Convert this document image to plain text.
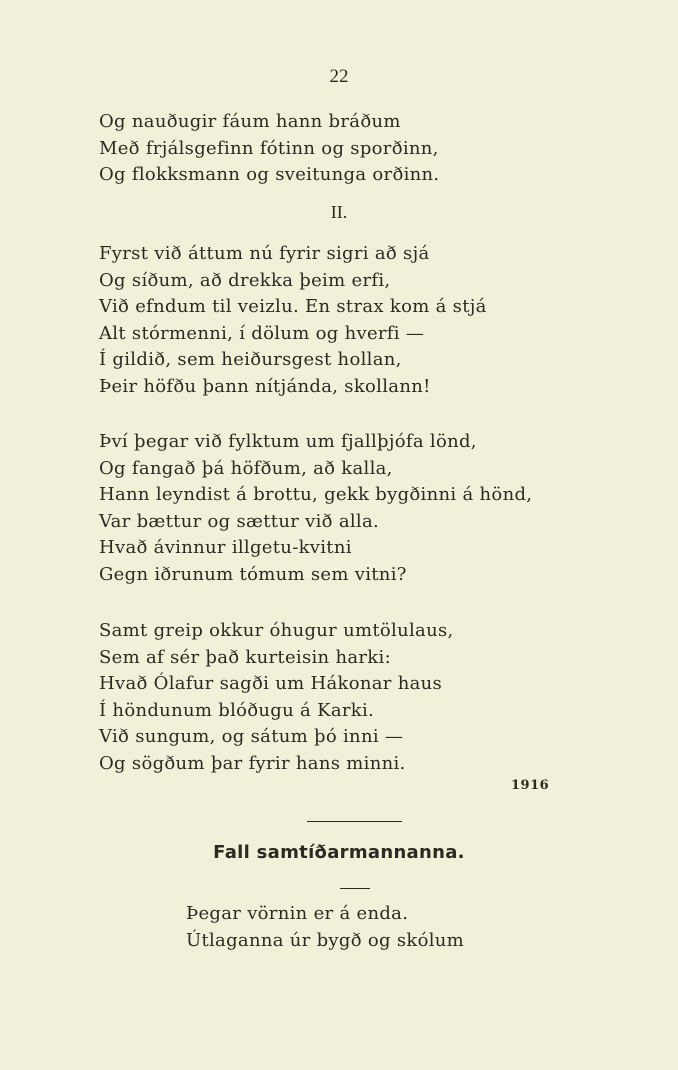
22
Og nauðugir fáum hann bráðum
Með frjálsgefinn fótinn og sporðinn,
Og flokksmann og sveitunga orðinn.
II.
Fyrst við áttum nú fyrir sigri að sjá
Og síðum, að drekka þeim erfi,
Við efndum til veizlu. En strax kom á stjá
Alt stórmenni, í dölum og hverfi —
Í gildið, sem heiðursgest hollan,
Þeir höfðu þann nítjánda, skollann!
Því þegar við fylktum um fjallþjófa lönd,
Og fangað þá höfðum, að kalla,
Hann leyndist á brottu, gekk bygðinni á hönd,
Var bættur og sættur við alla.
Hvað ávinnur illgetu-kvitni
Gegn iðrunum tómum sem vitni?
Samt greip okkur óhugur umtölulaus,
Sem af sér það kurteisin harki:
Hvað Ólafur sagði um Hákonar haus
Í höndunum blóðugu á Karki.
Við sungum, og sátum þó inni —
Og sögðum þar fyrir hans minni.
1916
Fall samtíðarmannanna.
Þegar vörnin er á enda.
Útlaganna úr bygð og skólum
